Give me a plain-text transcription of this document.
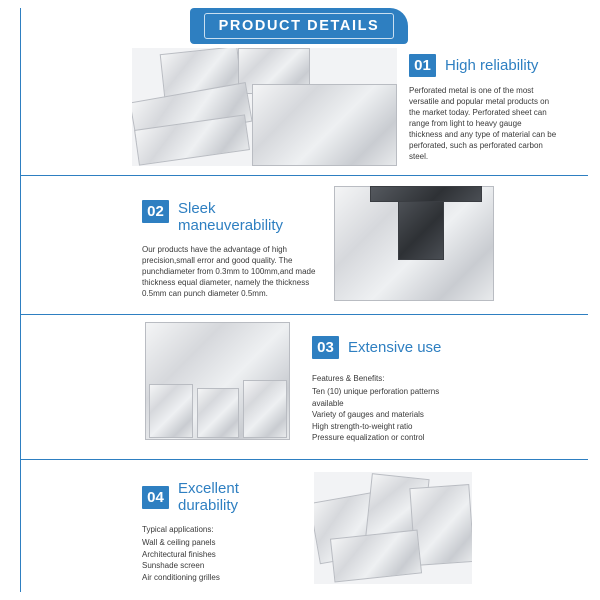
PRODUCT DETAILS
01 High reliability

Perforated metal is one of the most versatile and popular metal products on the market today. Perforated sheet can range from light to heavy gauge thickness and any type of material can be perforated, such as perforated carbon steel.

02 Sleek maneuverability

Our products have the advantage of high precision,small error and good quality. The punchdiameter from 0.3mm to 100mm,and made thickness equal diameter, namely the thickness 0.5mm can punch diameter 0.5mm.

03 Extensive use

Features & Benefits:

Ten (10) unique perforation patterns available
Variety of gauges and materials
High strength-to-weight ratio
Pressure equalization or control
04 Excellent durability

Typical applications:

Wall & ceiling panels
Architectural finishes
Sunshade screen
Air conditioning grilles
